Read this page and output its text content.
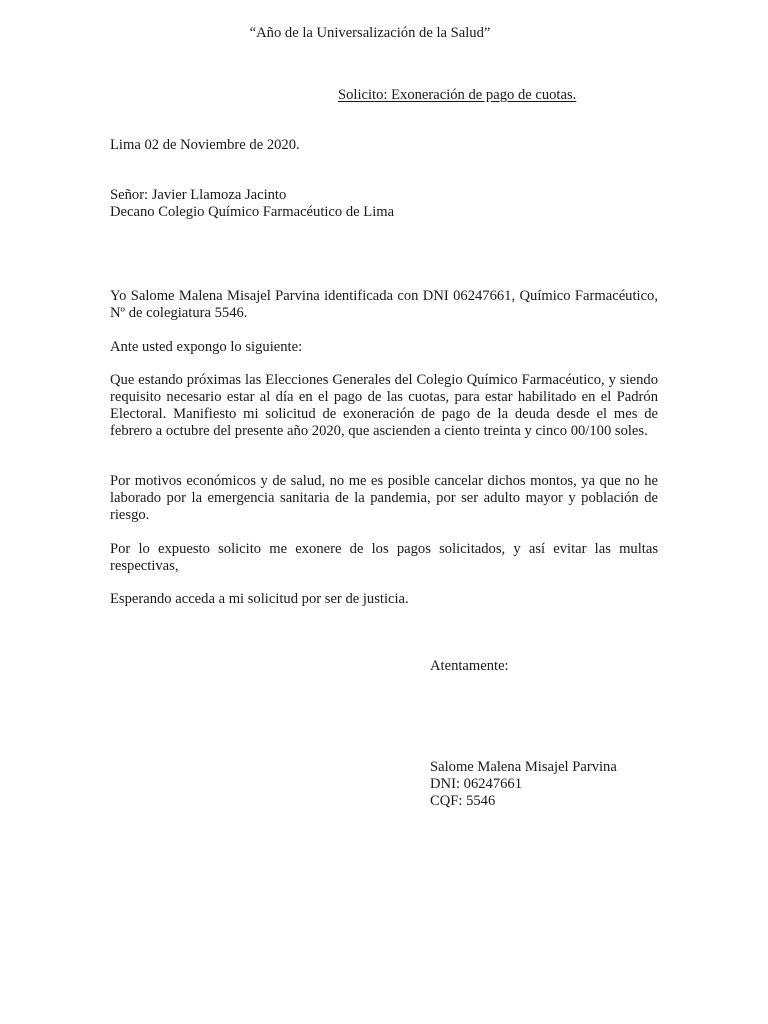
“Año de la Universalización de la Salud”

Solicito: Exoneración de pago de cuotas.

Lima 02 de Noviembre de 2020.

Señor: Javier Llamoza Jacinto
Decano Colegio Químico Farmacéutico de Lima

Yo Salome Malena Misajel Parvina identificada con DNI 06247661, Químico Farmacéutico, Nº de colegiatura 5546.

Ante usted expongo lo siguiente:

Que estando próximas las Elecciones Generales del Colegio Químico Farmacéutico, y siendo requisito necesario estar al día en el pago de las cuotas, para estar habilitado en el Padrón Electoral. Manifiesto mi solicitud de exoneración de pago de la deuda desde el mes de febrero a octubre del presente año 2020, que ascienden a ciento treinta y cinco 00/100 soles.

Por motivos económicos y de salud, no me es posible cancelar dichos montos, ya que no he laborado por la emergencia sanitaria de la pandemia, por ser adulto mayor y población de riesgo.

Por lo expuesto solicito me exonere de los pagos solicitados, y así evitar las multas respectivas,

Esperando acceda a mi solicitud por ser de justicia.

Atentamente:

Salome Malena Misajel Parvina
DNI: 06247661
CQF: 5546
